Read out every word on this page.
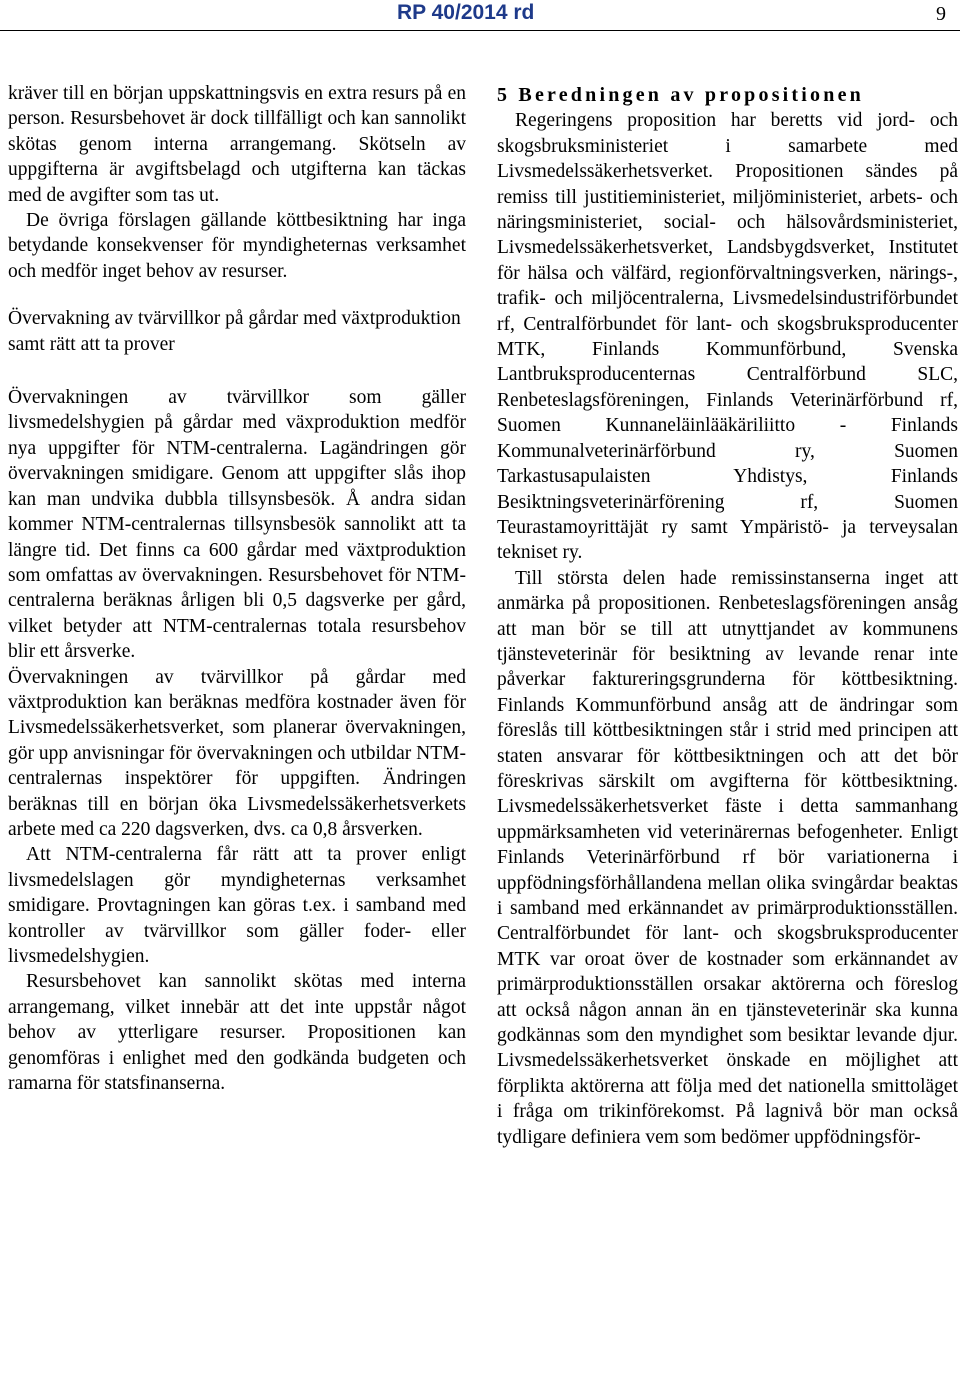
RP 40/2014 rd	9

kräver till en början uppskattningsvis en extra resurs på en person. Resursbehovet är dock tillfälligt och kan sannolikt skötas genom interna arrangemang. Skötseln av uppgifterna är avgiftsbelagd och utgifterna kan täckas med de avgifter som tas ut.

De övriga förslagen gällande köttbesiktning har inga betydande konsekvenser för myndigheternas verksamhet och medför inget behov av resurser.

Övervakning av tvärvillkor på gårdar med växtproduktion samt rätt att ta prover

Övervakningen av tvärvillkor som gäller livsmedelshygien på gårdar med växproduktion medför nya uppgifter för NTM-centralerna. Lagändringen gör övervakningen smidigare. Genom att uppgifter slås ihop kan man undvika dubbla tillsynsbesök. Å andra sidan kommer NTM-centralernas tillsynsbesök sannolikt att ta längre tid. Det finns ca 600 gårdar med växtproduktion som omfattas av övervakningen. Resursbehovet för NTM-centralerna beräknas årligen bli 0,5 dagsverke per gård, vilket betyder att NTM-centralernas totala resursbehov blir ett årsverke.

Övervakningen av tvärvillkor på gårdar med växtproduktion kan beräknas medföra kostnader även för Livsmedelssäkerhetsverket, som planerar övervakningen, gör upp anvisningar för övervakningen och utbildar NTM-centralernas inspektörer för uppgiften. Ändringen beräknas till en början öka Livsmedelssäkerhetsverkets arbete med ca 220 dagsverken, dvs. ca 0,8 årsverken.

Att NTM-centralerna får rätt att ta prover enligt livsmedelslagen gör myndigheternas verksamhet smidigare. Provtagningen kan göras t.ex. i samband med kontroller av tvärvillkor som gäller foder- eller livsmedelshygien.

Resursbehovet kan sannolikt skötas med interna arrangemang, vilket innebär att det inte uppstår något behov av ytterligare resurser. Propositionen kan genomföras i enlighet med den godkända budgeten och ramarna för statsfinanserna.

5 Beredningen av propositionen

Regeringens proposition har beretts vid jord- och skogsbruksministeriet i samarbete med Livsmedelssäkerhetsverket. Propositionen sändes på remiss till justitieministeriet, miljöministeriet, arbets- och näringsministeriet, social- och hälsovårdsministeriet, Livsmedelssäkerhetsverket, Landsbygdsverket, Institutet för hälsa och välfärd, regionförvaltningsverken, närings-, trafik- och miljöcentralerna, Livsmedelsindustriförbundet rf, Centralförbundet för lant- och skogsbruksproducenter MTK, Finlands Kommunförbund, Svenska Lantbruksproducenternas Centralförbund SLC, Renbeteslagsföreningen, Finlands Veterinärförbund rf, Suomen Kunnaneläinlääkäriliitto - Finlands Kommunalveterinärförbund ry, Suomen Tarkastusapulaisten Yhdistys, Finlands Besiktningsveterinärförening rf, Suomen Teurastamoyrittäjät ry samt Ympäristö- ja terveysalan tekniset ry.

Till största delen hade remissinstanserna inget att anmärka på propositionen. Renbeteslagsföreningen ansåg att man bör se till att utnyttjandet av kommunens tjänsteveterinär för besiktning av levande renar inte påverkar faktureringsgrunderna för köttbesiktning. Finlands Kommunförbund ansåg att de ändringar som föreslås till köttbesiktningen står i strid med principen att staten ansvarar för köttbesiktningen och att det bör föreskrivas särskilt om avgifterna för köttbesiktning. Livsmedelssäkerhetsverket fäste i detta sammanhang uppmärksamheten vid veterinärernas befogenheter. Enligt Finlands Veterinärförbund rf bör variationerna i uppfödningsförhållandena mellan olika svingårdar beaktas i samband med erkännandet av primärproduktionsställen. Centralförbundet för lant- och skogsbruksproducenter MTK var oroat över de kostnader som erkännandet av primärproduktionsställen orsakar aktörerna och föreslog att också någon annan än en tjänsteveterinär ska kunna godkännas som den myndighet som besiktar levande djur. Livsmedelssäkerhetsverket önskade en möjlighet att förplikta aktörerna att följa med det nationella smittoläget i fråga om trikinförekomst. På lagnivå bör man också tydligare definiera vem som bedömer uppfödningsför-
